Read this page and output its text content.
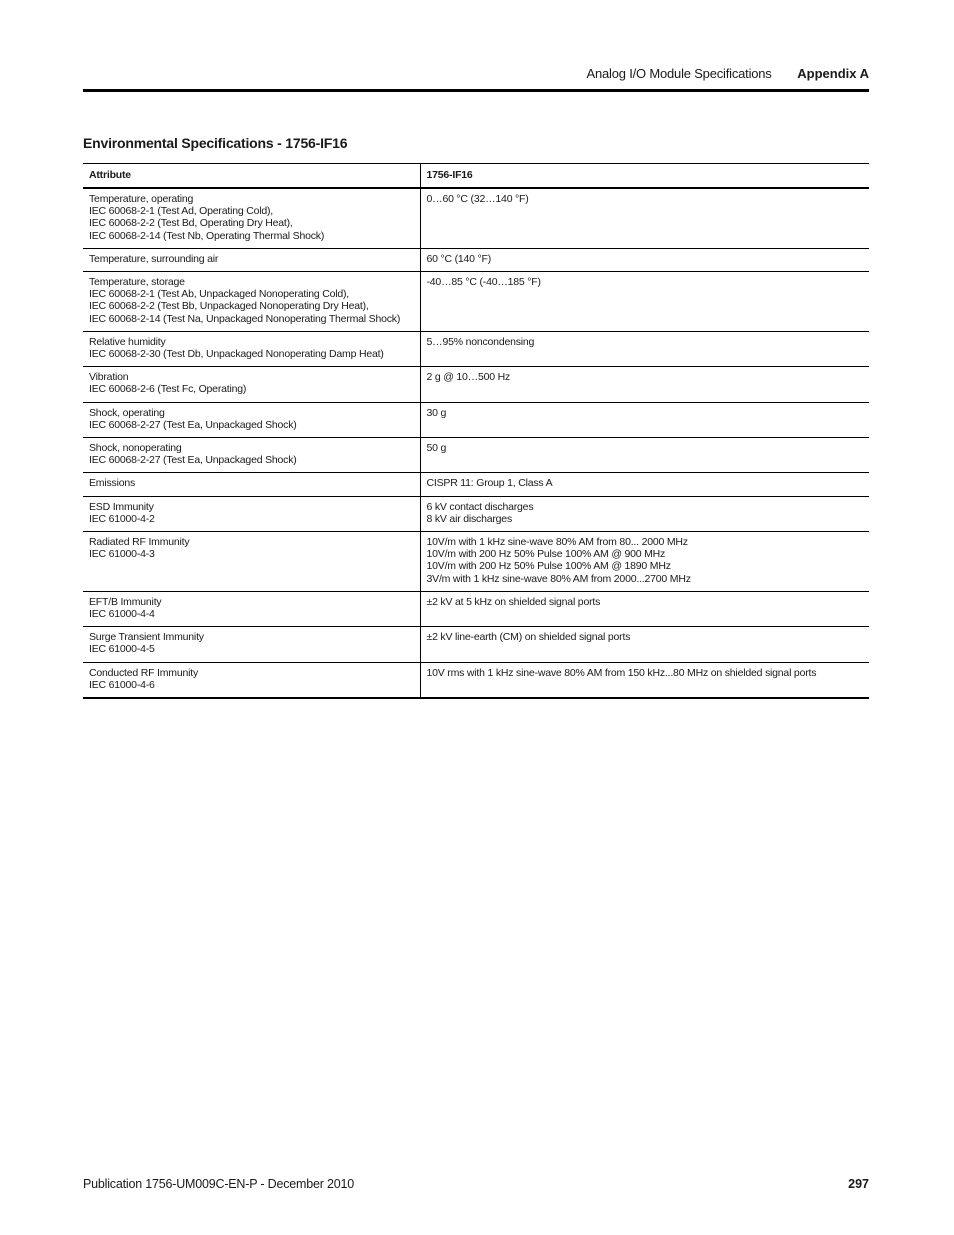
Analog I/O Module Specifications Appendix A
Environmental Specifications - 1756-IF16
Attribute	1756-IF16

Temperature, operating
IEC 60068-2-1 (Test Ad, Operating Cold),
IEC 60068-2-2 (Test Bd, Operating Dry Heat),
IEC 60068-2-14 (Test Nb, Operating Thermal Shock)	0…60 °C (32…140 °F)

Temperature, surrounding air	60 °C (140 °F)

Temperature, storage
IEC 60068-2-1 (Test Ab, Unpackaged Nonoperating Cold),
IEC 60068-2-2 (Test Bb, Unpackaged Nonoperating Dry Heat),
IEC 60068-2-14 (Test Na, Unpackaged Nonoperating Thermal Shock)	-40…85 °C (-40…185 °F)

Relative humidity
IEC 60068-2-30 (Test Db, Unpackaged Nonoperating Damp Heat)	5…95% noncondensing

Vibration
IEC 60068-2-6 (Test Fc, Operating)	2 g @ 10…500 Hz

Shock, operating
IEC 60068-2-27 (Test Ea, Unpackaged Shock)	30 g

Shock, nonoperating
IEC 60068-2-27 (Test Ea, Unpackaged Shock)	50 g

Emissions	CISPR 11: Group 1, Class A

ESD Immunity
IEC 61000-4-2	6 kV contact discharges
8 kV air discharges

Radiated RF Immunity
IEC 61000-4-3	10V/m with 1 kHz sine-wave 80% AM from 80... 2000 MHz
10V/m with 200 Hz 50% Pulse 100% AM @ 900 MHz
10V/m with 200 Hz 50% Pulse 100% AM @ 1890 MHz
3V/m with 1 kHz sine-wave 80% AM from 2000...2700 MHz

EFT/B Immunity
IEC 61000-4-4	±2 kV at 5 kHz on shielded signal ports

Surge Transient Immunity
IEC 61000-4-5	±2 kV line-earth (CM) on shielded signal ports

Conducted RF Immunity
IEC 61000-4-6	10V rms with 1 kHz sine-wave 80% AM from 150 kHz...80 MHz on shielded signal ports
Publication 1756-UM009C-EN-P - December 2010	297
